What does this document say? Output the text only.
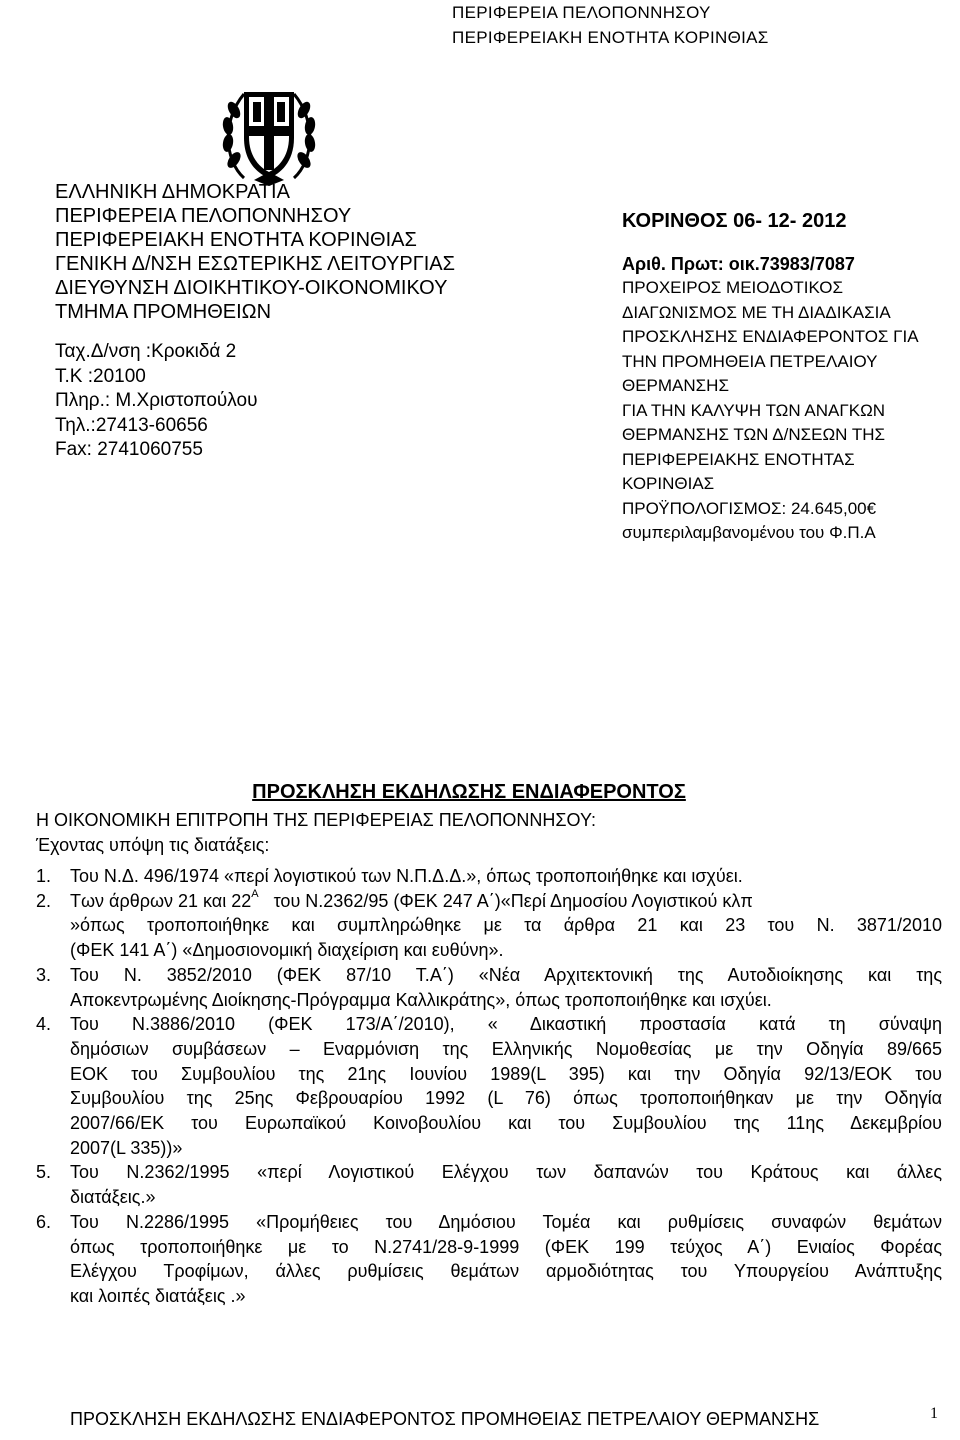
ΠΕΡΙΦΕΡΕΙΑ ΠΕΛΟΠΟΝΝΗΣΟΥ
ΠΕΡΙΦΕΡΕΙΑΚΗ ΕΝΟΤΗΤΑ ΚΟΡΙΝΘΙΑΣ
ΕΛΛΗΝΙΚΗ ΔΗΜΟΚΡΑΤΙΑ
ΠΕΡΙΦΕΡΕΙΑ ΠΕΛΟΠΟΝΝΗΣΟΥ
ΠΕΡΙΦΕΡΕΙΑΚΗ ΕΝΟΤΗΤΑ ΚΟΡΙΝΘΙΑΣ
ΓΕΝΙΚΗ Δ/ΝΣΗ ΕΣΩΤΕΡΙΚΗΣ ΛΕΙΤΟΥΡΓΙΑΣ
ΔΙΕΥΘΥΝΣΗ ΔΙΟΙΚΗΤΙΚΟΥ-ΟΙΚΟΝΟΜΙΚΟΥ
ΤΜΗΜΑ ΠΡΟΜΗΘΕΙΩΝ
Ταχ.Δ/νση :Κροκιδά 2
Τ.Κ :20100
Πληρ.: Μ.Χριστοπούλου
Τηλ.:27413-60656
Fax: 2741060755
ΚΟΡΙΝΘΟΣ 06- 12- 2012
Αριθ. Πρωτ: οικ.73983/7087
ΠΡΟΧΕΙΡΟΣ ΜΕΙΟΔΟΤΙΚΟΣ
ΔΙΑΓΩΝΙΣΜΟΣ ΜΕ ΤΗ ΔΙΑΔΙΚΑΣΙΑ
ΠΡΟΣΚΛΗΣΗΣ ΕΝΔΙΑΦΕΡΟΝΤΟΣ ΓΙΑ
ΤΗΝ ΠΡΟΜΗΘΕΙΑ ΠΕΤΡΕΛΑΙΟΥ
ΘΕΡΜΑΝΣΗΣ
ΓΙΑ ΤΗΝ ΚΑΛΥΨΗ ΤΩΝ ΑΝΑΓΚΩΝ
ΘΕΡΜΑΝΣΗΣ ΤΩΝ Δ/ΝΣΕΩΝ ΤΗΣ
ΠΕΡΙΦΕΡΕΙΑΚΗΣ ΕΝΟΤΗΤΑΣ
ΚΟΡΙΝΘΙΑΣ
ΠΡΟΫΠΟΛΟΓΙΣΜΟΣ: 24.645,00€
συμπεριλαμβανομένου του Φ.Π.Α
ΠΡΟΣΚΛΗΣΗ ΕΚΔΗΛΩΣΗΣ ΕΝΔΙΑΦΕΡΟΝΤΟΣ
Η ΟΙΚΟΝΟΜΙΚΗ ΕΠΙΤΡΟΠΗ ΤΗΣ ΠΕΡΙΦΕΡΕΙΑΣ ΠΕΛΟΠΟΝΝΗΣΟΥ:
Έχοντας υπόψη τις διατάξεις:
1. Του Ν.Δ. 496/1974 «περί λογιστικού των Ν.Π.Δ.Δ.», όπως τροποποιήθηκε και ισχύει.
2. Των άρθρων 21 και $22^A$   του Ν.2362/95 (ΦΕΚ 247 Α΄)«Περί Δημοσίου Λογιστικού κλπ
»όπως τροποποιήθηκε και συμπληρώθηκε με τα άρθρα 21 και 23 του Ν. 3871/2010
(ΦΕΚ 141 Α΄) «Δημοσιονομική διαχείριση και ευθύνη».
3. Του Ν. 3852/2010 (ΦΕΚ 87/10 Τ.Α΄) «Νέα Αρχιτεκτονική της Αυτοδιοίκησης και της
Αποκεντρωμένης Διοίκησης-Πρόγραμμα Καλλικράτης», όπως τροποποιήθηκε και ισχύει.
4. Του Ν.3886/2010 (ΦΕΚ 173/Α΄/2010), « Δικαστική προστασία κατά τη σύναψη
δημόσιων συμβάσεων – Εναρμόνιση της Ελληνικής Νομοθεσίας με την Οδηγία 89/665
ΕΟΚ του Συμβουλίου της 21ης Ιουνίου 1989(L 395) και την Οδηγία 92/13/ΕΟΚ του
Συμβουλίου της 25ης Φεβρουαρίου 1992 (L 76) όπως τροποποιήθηκαν με την Οδηγία
2007/66/ΕΚ του Ευρωπαϊκού Κοινοβουλίου και του Συμβουλίου της 11ης Δεκεμβρίου
2007(L 335))»
5. Του Ν.2362/1995 «περί Λογιστικού Ελέγχου των δαπανών του Κράτους και άλλες
διατάξεις.»
6. Του Ν.2286/1995 «Προμήθειες του Δημόσιου Τομέα και ρυθμίσεις συναφών θεμάτων
όπως τροποποιήθηκε με το Ν.2741/28-9-1999 (ΦΕΚ 199 τεύχος Α΄) Ενιαίος Φορέας
Ελέγχου Τροφίμων, άλλες ρυθμίσεις θεμάτων αρμοδιότητας του Υπουργείου Ανάπτυξης
και λοιπές διατάξεις .»
ΠΡΟΣΚΛΗΣΗ ΕΚΔΗΛΩΣΗΣ ΕΝΔΙΑΦΕΡΟΝΤΟΣ ΠΡΟΜΗΘΕΙΑΣ ΠΕΤΡΕΛΑΙΟΥ ΘΕΡΜΑΝΣΗΣ	1
